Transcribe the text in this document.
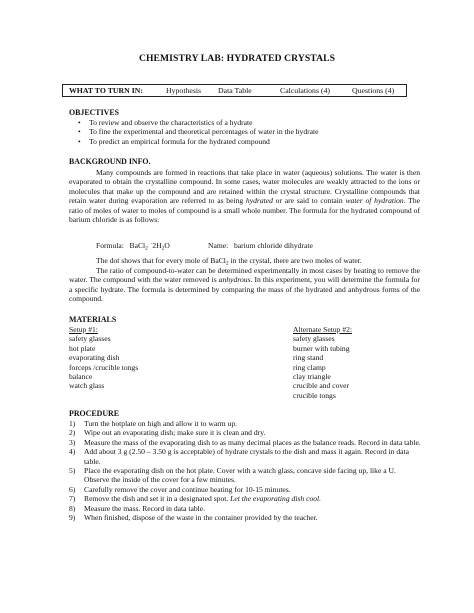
CHEMISTRY LAB: HYDRATED CRYSTALS
WHAT TO TURN IN:	Hypothesis Data Table	Calculations (4)	Questions (4)
OBJECTIVES
• To review and observe the characteristics of a hydrate
• To fine the experimental and theoretical percentages of water in the hydrate
• To predict an empirical formula for the hydrated compound
BACKGROUND INFO.
Many compounds are formed in reactions that take place in water (aqueous) solutions. The water is then evaporated to obtain the crystalline compound. In some cases, water molecules are weakly attracted to the ions or molecules that make up the compound and are retained within the crystal structure. Crystalline compounds that retain water during evaporation are referred to as being hydrated or are said to contain water of hydration. The ratio of moles of water to moles of compound is a small whole number. The formula for the hydrated compound of barium chloride is as follows:
Formula: BaCl$_2$ $˙2H_2O$	Name: barium chloride dihydrate
The dot shows that for every mole of BaCl$_2$ in the crystal, there are two moles of water.
The ratio of compound-to-water can be determined experimentally in most cases by heating to remove the water. The compound with the water removed is anhydrous. In this experiment, you will determine the formula for a specific hydrate. The formula is determined by comparing the mass of the hydrated and anhydrous forms of the compound.
MATERIALS
Setup #1:
safety glasses
hot plate
evaporating dish
forceps /crucible tongs
balance
watch glass
Alternate Setup #2:
safety glasses
burner with tubing
ring stand
ring clamp
clay triangle
crucible and cover
crucible tongs
PROCEDURE
1) Turn the hotplate on high and allow it to warm up.
2) Wipe out an evaporating dish; make sure it is clean and dry.
3) Measure the mass of the evaporating dish to as many decimal places as the balance reads. Record in data table.
4) Add about 3 g (2.50 – 3.50 g is acceptable) of hydrate crystals to the dish and mass it again. Record in data table.
5) Place the evaporating dish on the hot plate. Cover with a watch glass, concave side facing up, like a U. Observe the inside of the cover for a few minutes.
6) Carefully remove the cover and continue heating for 10-15 minutes.
7) Remove the dish and set it in a designated spot. Let the evaporating dish cool.
8) Measure the mass. Record in data table.
9) When finished, dispose of the waste in the container provided by the teacher.
